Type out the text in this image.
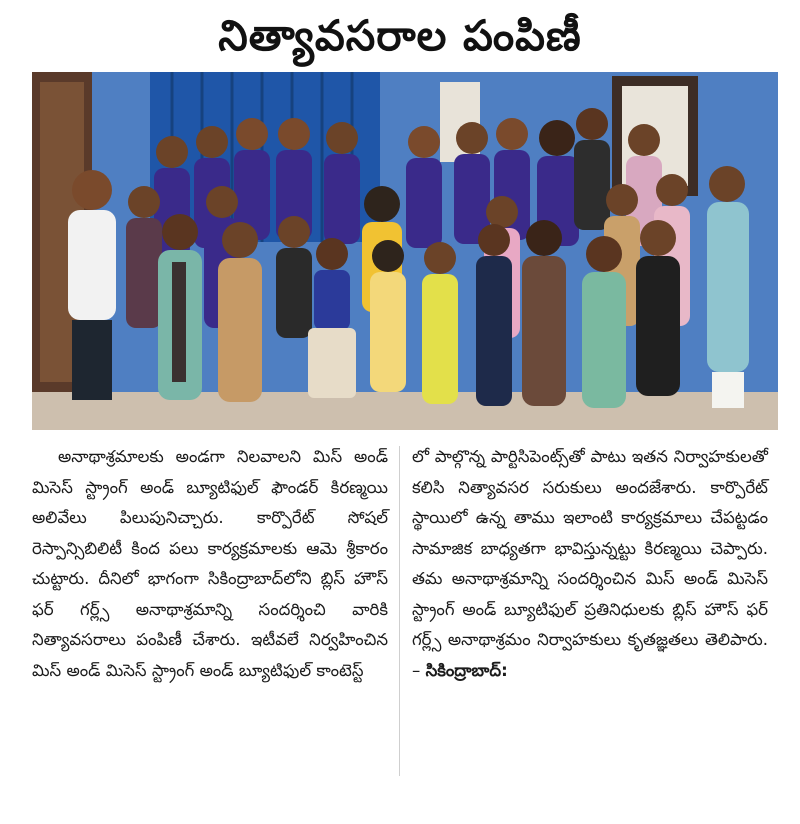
నిత్యావసరాల పంపిణీ
అనాథాశ్రమాలకు అండగా నిలవాలని మిస్ అండ్ మిసెస్ స్ట్రాంగ్ అండ్ బ్యూటిఫుల్ ఫౌండర్ కిరణ్మయి అలివేలు పిలుపునిచ్చారు. కార్పొరేట్ సోషల్ రెస్పాన్సిబిలిటీ కింద పలు కార్యక్రమాలకు ఆమె శ్రీకారం చుట్టారు. దీనిలో భాగంగా సికింద్రాబాద్‌లోని బ్లిస్ హౌస్ ఫర్ గర్ల్స్ అనాథాశ్రమాన్ని సందర్శించి వారికి నిత్యావసరాలు పంపిణీ చేశారు. ఇటీవలే నిర్వహించిన మిస్ అండ్ మిసెస్ స్ట్రాంగ్ అండ్ బ్యూటిఫుల్ కాంటెస్ట్
లో పాల్గొన్న పార్టిసిపెంట్స్‌తో పాటు ఇతన నిర్వాహకులతో కలిసి నిత్యావసర సరుకులు అందజేశారు. కార్పొరేట్ స్థాయిలో ఉన్న తాము ఇలాంటి కార్యక్రమాలు చేపట్టడం సామాజిక బాధ్యతగా భావిస్తున్నట్టు కిరణ్మయి చెప్పారు. తమ అనాథాశ్రమాన్ని సందర్శించిన మిస్ అండ్ మిసెస్ స్ట్రాంగ్ అండ్ బ్యూటిఫుల్ ప్రతినిధులకు బ్లిస్ హౌస్ ఫర్ గర్ల్స్ అనాథాశ్రమం నిర్వాహకులు కృతజ్ఞతలు తెలిపారు. – సికింద్రాబాద్:
